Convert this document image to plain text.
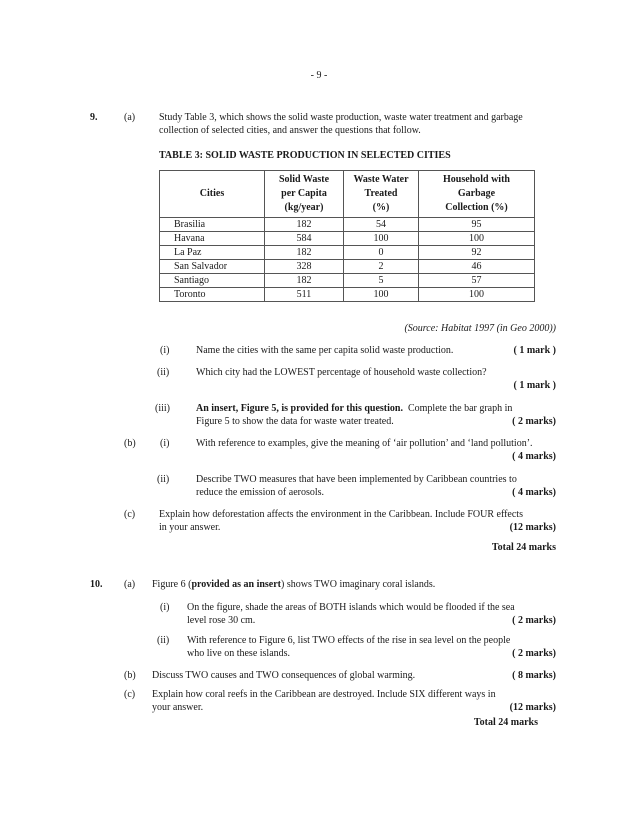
- 9 -
9.	(a) Study Table 3, which shows the solid waste production, waste water treatment and garbage
collection of selected cities, and answer the questions that follow.
TABLE 3: SOLID WASTE PRODUCTION IN SELECTED CITIES
Cities	Solid Waste
per Capita
(kg/year)	Waste Water
Treated
(%)	Household with
Garbage
Collection (%)
Brasilia	182	54	95
Havana	584	100	100
La Paz	182	0	92
San Salvador	328	2	46
Santiago	182	5	57
Toronto	511	100	100
(Source: Habitat 1997 (in Geo 2000))
(i)	Name the cities with the same per capita solid waste production.	( 1 mark )
(ii)	Which city had the LOWEST percentage of household waste collection?
( 1 mark )
(iii)	An insert, Figure 5, is provided for this question. Complete the bar graph in
Figure 5 to show the data for waste water treated.	( 2 marks)
(b) (i)	With reference to examples, give the meaning of ‘air pollution’ and ‘land pollution’.
( 4 marks)
(ii)	Describe TWO measures that have been implemented by Caribbean countries to
reduce the emission of aerosols.	( 4 marks)
(c) Explain how deforestation affects the environment in the Caribbean. Include FOUR effects
in your answer.	(12 marks)
Total 24 marks
10. (a) Figure 6 (provided as an insert) shows TWO imaginary coral islands.
(i) On the figure, shade the areas of BOTH islands which would be flooded if the sea
level rose 30 cm.	( 2 marks)
(ii) With reference to Figure 6, list TWO effects of the rise in sea level on the people
who live on these islands.	( 2 marks)
(b) Discuss TWO causes and TWO consequences of global warming.	( 8 marks)
(c) Explain how coral reefs in the Caribbean are destroyed. Include SIX different ways in
your answer.	(12 marks)
Total 24 marks
